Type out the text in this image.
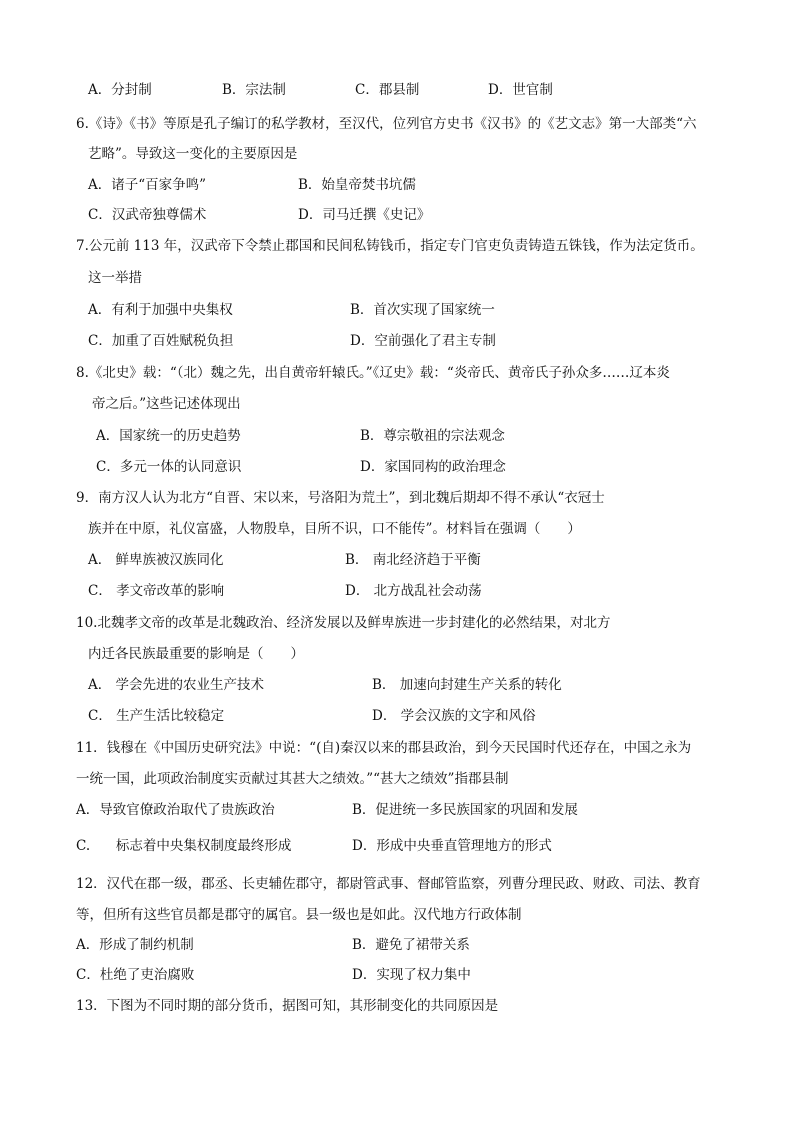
A．分封制	B．宗法制	C．郡县制	D．世官制
6.《诗》《书》等原是孔子编订的私学教材，至汉代，位列官方史书《汉书》的《艺文志》第一大部类“六
艺略”。导致这一变化的主要原因是
A．诸子“百家争鸣”	B．始皇帝焚书坑儒
C．汉武帝独尊儒术	D．司马迁撰《史记》
7.公元前 113 年，汉武帝下令禁止郡国和民间私铸钱币，指定专门官吏负责铸造五铢钱，作为法定货币。
这一举措
A．有利于加强中央集权	B．首次实现了国家统一
C．加重了百姓赋税负担	D．空前强化了君主专制
8.《北史》载：“（北）魏之先，出自黄帝轩辕氏。”《辽史》载：“炎帝氏、黄帝氏子孙众多……辽本炎
帝之后。”这些记述体现出
A．国家统一的历史趋势	B．尊宗敬祖的宗法观念
C．多元一体的认同意识	D．家国同构的政治理念
9．南方汉人认为北方“自晋、宋以来，号洛阳为荒土”，到北魏后期却不得不承认“衣冠士
族并在中原，礼仪富盛，人物殷阜，目所不识，口不能传”。材料旨在强调（　　）
A． 鲜卑族被汉族同化	B． 南北经济趋于平衡
C． 孝文帝改革的影响	D． 北方战乱社会动荡
10.北魏孝文帝的改革是北魏政治、经济发展以及鲜卑族进一步封建化的必然结果，对北方
内迁各民族最重要的影响是（　　）
A． 学会先进的农业生产技术	B． 加速向封建生产关系的转化
C． 生产生活比较稳定	D． 学会汉族的文字和风俗
11．钱穆在《中国历史研究法》中说：“(自)秦汉以来的郡县政治，到今天民国时代还存在，中国之永为
一统一国，此项政治制度实贡献过其甚大之绩效。”“甚大之绩效”指郡县制
A．导致官僚政治取代了贵族政治	B．促进统一多民族国家的巩固和发展
C.      标志着中央集权制度最终形成	D．形成中央垂直管理地方的形式
12．汉代在郡一级，郡丞、长吏辅佐郡守，都尉管武事、督邮管监察，列曹分理民政、财政、司法、教育
等，但所有这些官员都是郡守的属官。县一级也是如此。汉代地方行政体制
A．形成了制约机制	B．避免了裙带关系
C．杜绝了吏治腐败	D．实现了权力集中
13．下图为不同时期的部分货币，据图可知，其形制变化的共同原因是
